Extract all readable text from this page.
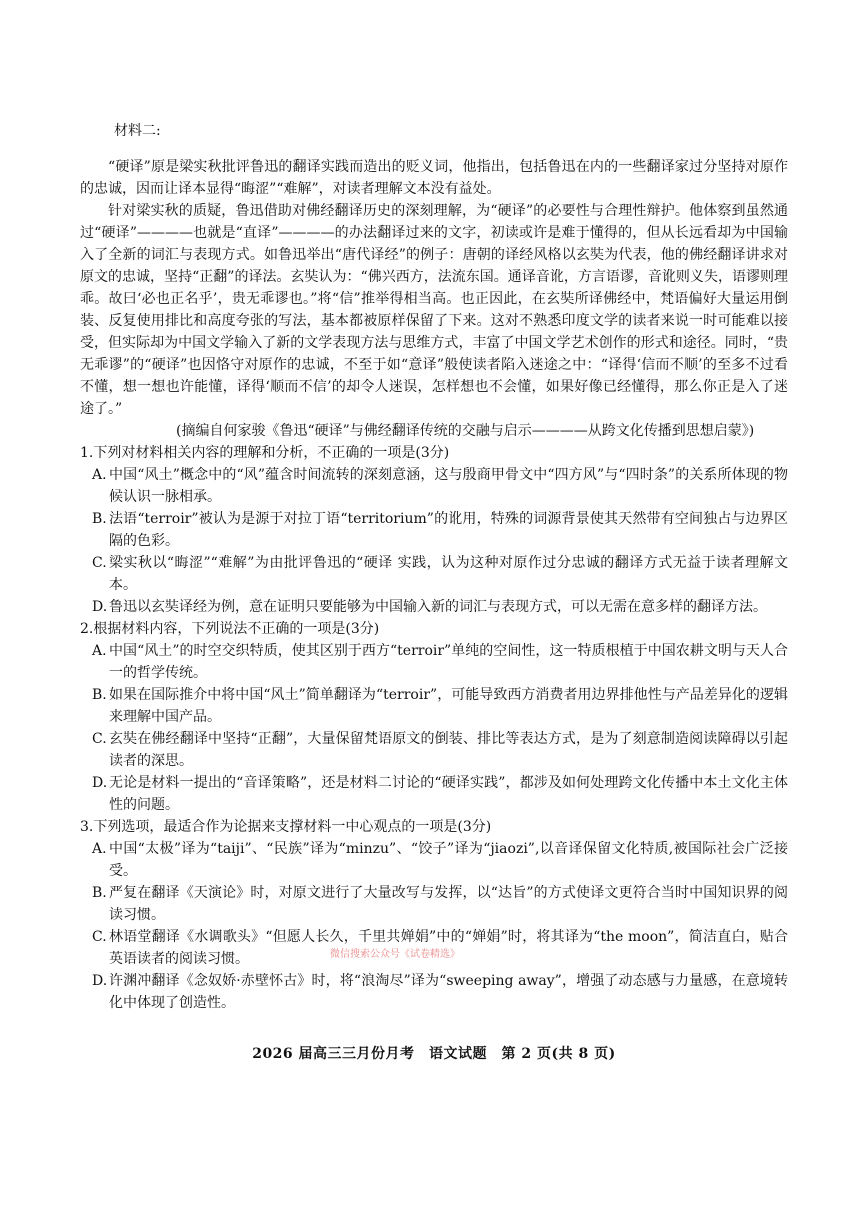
材料二:

“硬译”原是梁实秋批评鲁迅的翻译实践而造出的贬义词，他指出，包括鲁迅在内的一些翻译家过分坚持对原作的忠诚，因而让译本显得“晦涩”“难解”，对读者理解文本没有益处。

针对梁实秋的质疑，鲁迅借助对佛经翻译历史的深刻理解，为“硬译”的必要性与合理性辩护。他体察到虽然通过“硬译”————也就是“直译”————的办法翻译过来的文字，初读或许是难于懂得的，但从长远看却为中国输入了全新的词汇与表现方式。如鲁迅举出“唐代译经”的例子：唐朝的译经风格以玄奘为代表，他的佛经翻译讲求对原文的忠诚，坚持“正翻”的译法。玄奘认为：“佛兴西方，法流东国。通译音讹，方言语谬，音讹则义失，语谬则理乖。故曰‘必也正名乎’，贵无乖谬也。”将“信”推举得相当高。也正因此，在玄奘所译佛经中，梵语偏好大量运用倒装、反复使用排比和高度夸张的写法，基本都被原样保留了下来。这对不熟悉印度文学的读者来说一时可能难以接受，但实际却为中国文学输入了新的文学表现方法与思维方式，丰富了中国文学艺术创作的形式和途径。同时，“贵无乖谬”的“硬译”也因恪守对原作的忠诚，不至于如“意译”般使读者陷入迷途之中：“译得‘信而不顺’的至多不过看不懂，想一想也许能懂，译得‘顺而不信’的却令人迷误，怎样想也不会懂，如果好像已经懂得，那么你正是入了迷途了。”

(摘编自何家骏《鲁迅“硬译”与佛经翻译传统的交融与启示————从跨文化传播到思想启蒙》)

1.下列对材料相关内容的理解和分析，不正确的一项是(3分)

A. 中国“风土”概念中的“风”蕴含时间流转的深刻意涵，这与殷商甲骨文中“四方风”与“四时条”的关系所体现的物候认识一脉相承。
B. 法语“terroir”被认为是源于对拉丁语“territorium”的讹用，特殊的词源背景使其天然带有空间独占与边界区隔的色彩。
C. 梁实秋以“晦涩”“难解”为由批评鲁迅的“硬译 实践，认为这种对原作过分忠诚的翻译方式无益于读者理解文本。
D. 鲁迅以玄奘译经为例，意在证明只要能够为中国输入新的词汇与表现方式，可以无需在意多样的翻译方法。

2.根据材料内容，下列说法不正确的一项是(3分)

A. 中国“风土”的时空交织特质，使其区别于西方“terroir”单纯的空间性，这一特质根植于中国农耕文明与天人合一的哲学传统。
B. 如果在国际推介中将中国“风土”简单翻译为“terroir”，可能导致西方消费者用边界排他性与产品差异化的逻辑来理解中国产品。
C. 玄奘在佛经翻译中坚持“正翻”，大量保留梵语原文的倒装、排比等表达方式，是为了刻意制造阅读障碍以引起读者的深思。
D. 无论是材料一提出的“音译策略”，还是材料二讨论的“硬译实践”，都涉及如何处理跨文化传播中本土文化主体性的问题。

3.下列选项，最适合作为论据来支撑材料一中心观点的一项是(3分)

A. 中国“太极”译为“taiji”、“民族”译为“minzu”、“饺子”译为“jiaozi”,以音译保留文化特质,被国际社会广泛接受。
B. 严复在翻译《天演论》时，对原文进行了大量改写与发挥，以“达旨”的方式使译文更符合当时中国知识界的阅读习惯。
C. 林语堂翻译《水调歌头》“但愿人长久，千里共婵娟”中的“婵娟”时，将其译为“the moon”，简洁直白，贴合英语读者的阅读习惯。
D. 许渊冲翻译《念奴娇·赤壁怀古》时，将“浪淘尽”译为“sweeping away”，增强了动态感与力量感，在意境转化中体现了创造性。
微信搜索公众号《试卷精选》
2026 届高三三月份月考　语文试题　第 2 页(共 8 页)
